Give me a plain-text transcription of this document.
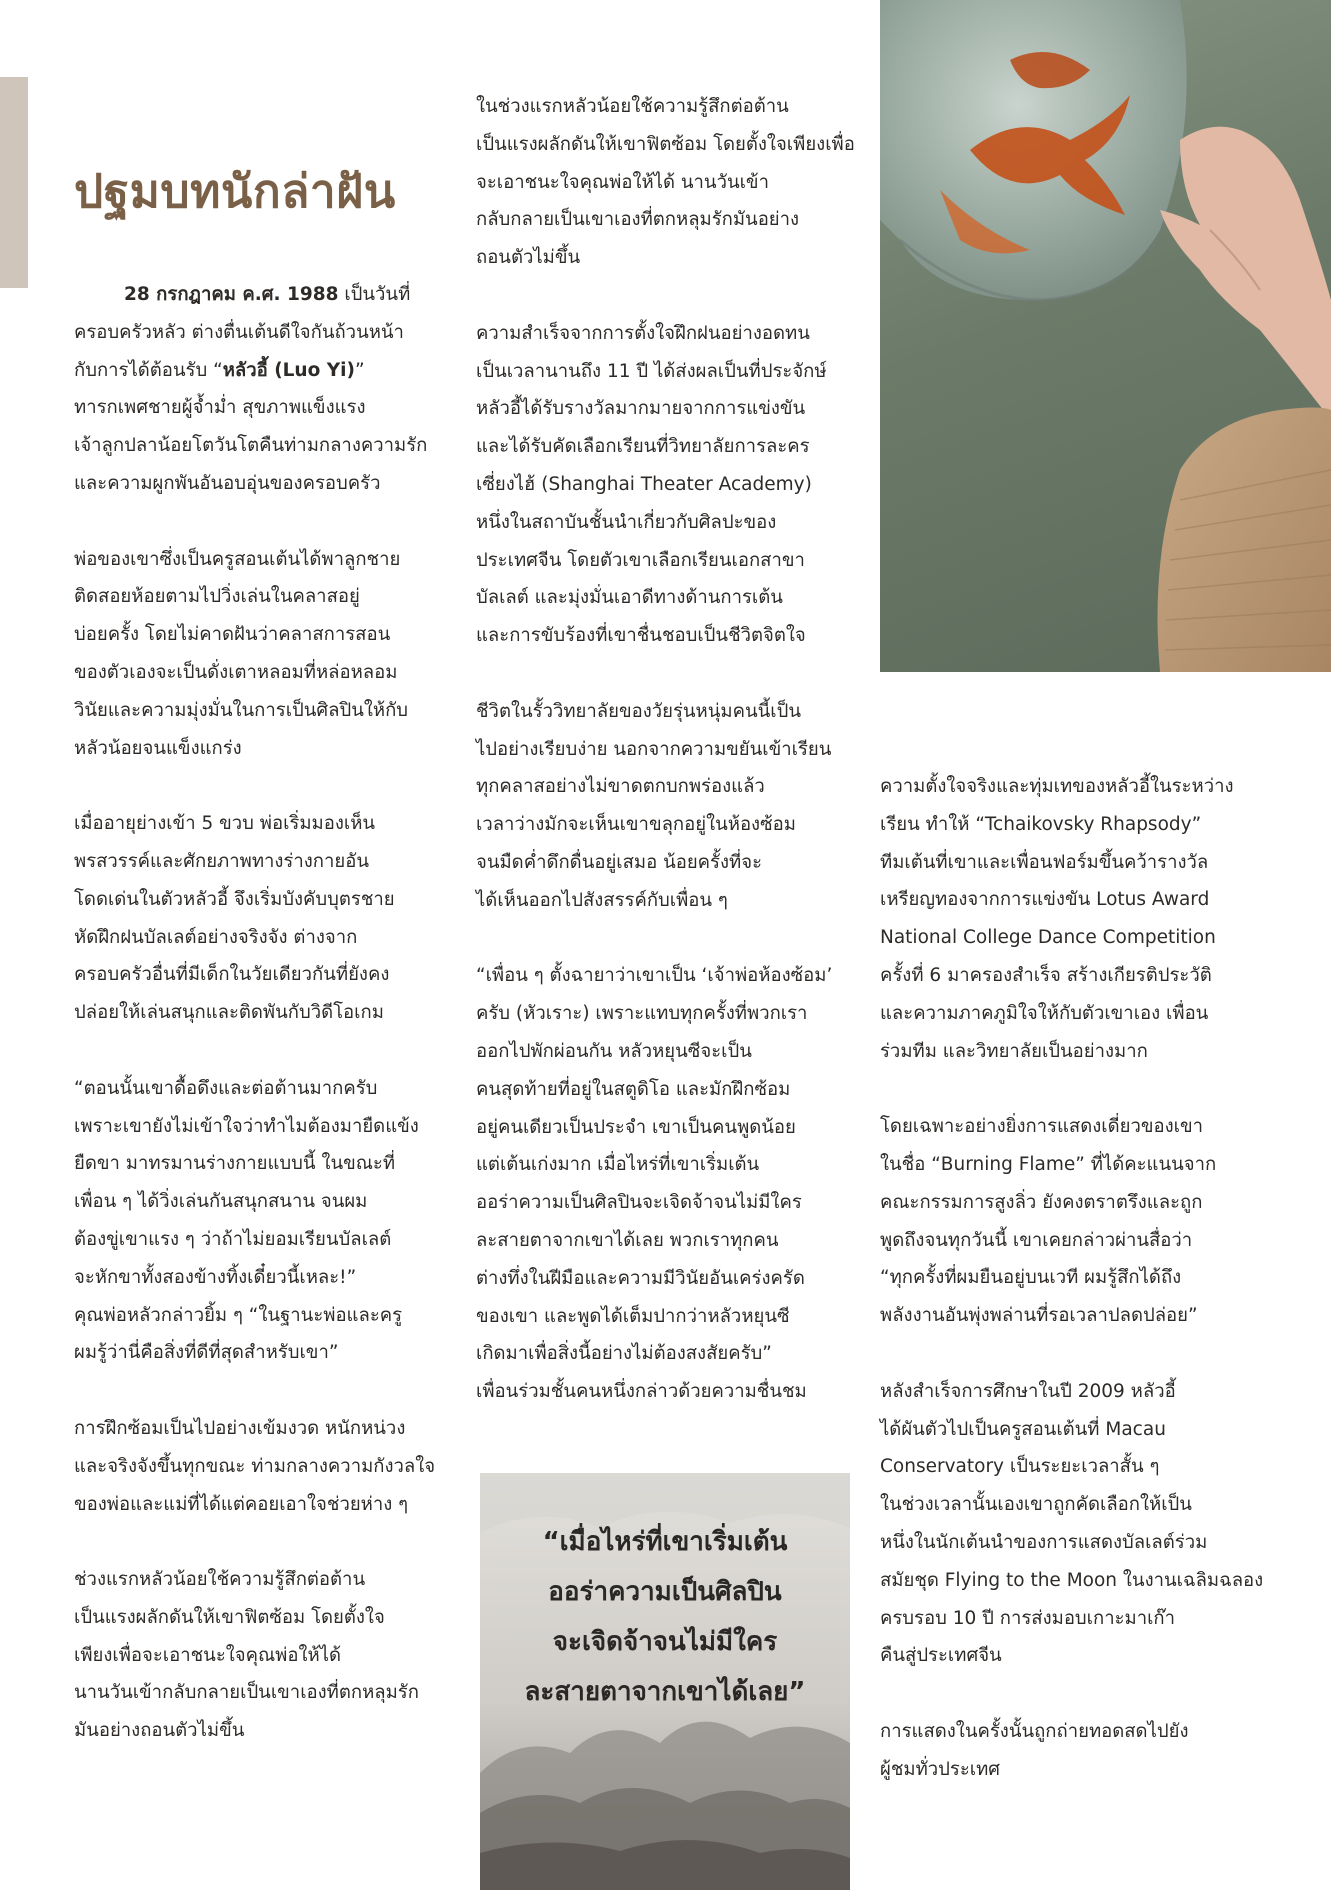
ปฐมบทนักล่าฝัน

28 กรกฎาคม ค.ศ. 1988 เป็นวันที่
ครอบครัวหลัว ต่างตื่นเต้นดีใจกันถ้วนหน้า
กับการได้ต้อนรับ “หลัวอี้ (Luo Yi)”
ทารกเพศชายผู้จ้ำม่ำ สุขภาพแข็งแรง
เจ้าลูกปลาน้อยโตวันโตคืนท่ามกลางความรัก
และความผูกพันอันอบอุ่นของครอบครัว

พ่อของเขาซึ่งเป็นครูสอนเต้นได้พาลูกชาย
ติดสอยห้อยตามไปวิ่งเล่นในคลาสอยู่
บ่อยครั้ง โดยไม่คาดฝันว่าคลาสการสอน
ของตัวเองจะเป็นดั่งเตาหลอมที่หล่อหลอม
วินัยและความมุ่งมั่นในการเป็นศิลปินให้กับ
หลัวน้อยจนแข็งแกร่ง

เมื่ออายุย่างเข้า 5 ขวบ พ่อเริ่มมองเห็น
พรสวรรค์และศักยภาพทางร่างกายอัน
โดดเด่นในตัวหลัวอี้ จึงเริ่มบังคับบุตรชาย
หัดฝึกฝนบัลเลต์อย่างจริงจัง ต่างจาก
ครอบครัวอื่นที่มีเด็กในวัยเดียวกันที่ยังคง
ปล่อยให้เล่นสนุกและติดพันกับวิดีโอเกม

“ตอนนั้นเขาดื้อดึงและต่อต้านมากครับ
เพราะเขายังไม่เข้าใจว่าทำไมต้องมายืดแข้ง
ยืดขา มาทรมานร่างกายแบบนี้ ในขณะที่
เพื่อน ๆ ได้วิ่งเล่นกันสนุกสนาน จนผม
ต้องขู่เขาแรง ๆ ว่าถ้าไม่ยอมเรียนบัลเลต์
จะหักขาทั้งสองข้างทิ้งเดี๋ยวนี้เหละ!”
คุณพ่อหลัวกล่าวยิ้ม ๆ “ในฐานะพ่อและครู
ผมรู้ว่านี่คือสิ่งที่ดีที่สุดสำหรับเขา”

การฝึกซ้อมเป็นไปอย่างเข้มงวด หนักหน่วง
และจริงจังขึ้นทุกขณะ ท่ามกลางความกังวลใจ
ของพ่อและแม่ที่ได้แต่คอยเอาใจช่วยห่าง ๆ

ช่วงแรกหลัวน้อยใช้ความรู้สึกต่อต้าน
เป็นแรงผลักดันให้เขาฟิตซ้อม โดยตั้งใจ
เพียงเพื่อจะเอาชนะใจคุณพ่อให้ได้
นานวันเข้ากลับกลายเป็นเขาเองที่ตกหลุมรัก
มันอย่างถอนตัวไม่ขึ้น

ในช่วงแรกหลัวน้อยใช้ความรู้สึกต่อต้าน
เป็นแรงผลักดันให้เขาฟิตซ้อม โดยตั้งใจเพียงเพื่อ
จะเอาชนะใจคุณพ่อให้ได้ นานวันเข้า
กลับกลายเป็นเขาเองที่ตกหลุมรักมันอย่าง
ถอนตัวไม่ขึ้น

ความสำเร็จจากการตั้งใจฝึกฝนอย่างอดทน
เป็นเวลานานถึง 11 ปี ได้ส่งผลเป็นที่ประจักษ์
หลัวอี้ได้รับรางวัลมากมายจากการแข่งขัน
และได้รับคัดเลือกเรียนที่วิทยาลัยการละคร
เซี่ยงไฮ้ (Shanghai Theater Academy)
หนึ่งในสถาบันชั้นนำเกี่ยวกับศิลปะของ
ประเทศจีน โดยตัวเขาเลือกเรียนเอกสาขา
บัลเลต์ และมุ่งมั่นเอาดีทางด้านการเต้น
และการขับร้องที่เขาชื่นชอบเป็นชีวิตจิตใจ

ชีวิตในรั้ววิทยาลัยของวัยรุ่นหนุ่มคนนี้เป็น
ไปอย่างเรียบง่าย นอกจากความขยันเข้าเรียน
ทุกคลาสอย่างไม่ขาดตกบกพร่องแล้ว
เวลาว่างมักจะเห็นเขาขลุกอยู่ในห้องซ้อม
จนมืดค่ำดึกดื่นอยู่เสมอ น้อยครั้งที่จะ
ได้เห็นออกไปสังสรรค์กับเพื่อน ๆ

“เพื่อน ๆ ตั้งฉายาว่าเขาเป็น ‘เจ้าพ่อห้องซ้อม’
ครับ (หัวเราะ) เพราะแทบทุกครั้งที่พวกเรา
ออกไปพักผ่อนกัน หลัวหยุนซีจะเป็น
คนสุดท้ายที่อยู่ในสตูดิโอ และมักฝึกซ้อม
อยู่คนเดียวเป็นประจำ เขาเป็นคนพูดน้อย
แต่เต้นเก่งมาก เมื่อไหร่ที่เขาเริ่มเต้น
ออร่าความเป็นศิลปินจะเจิดจ้าจนไม่มีใคร
ละสายตาจากเขาได้เลย พวกเราทุกคน
ต่างทึ่งในฝีมือและความมีวินัยอันเคร่งครัด
ของเขา และพูดได้เต็มปากว่าหลัวหยุนซี
เกิดมาเพื่อสิ่งนี้อย่างไม่ต้องสงสัยครับ”
เพื่อนร่วมชั้นคนหนึ่งกล่าวด้วยความชื่นชม

“เมื่อไหร่ที่เขาเริ่มเต้น
ออร่าความเป็นศิลปิน
จะเจิดจ้าจนไม่มีใคร
ละสายตาจากเขาได้เลย”

ความตั้งใจจริงและทุ่มเทของหลัวอี้ในระหว่าง
เรียน ทำให้ “Tchaikovsky Rhapsody”
ทีมเต้นที่เขาและเพื่อนฟอร์มขึ้นคว้ารางวัล
เหรียญทองจากการแข่งขัน Lotus Award
National College Dance Competition
ครั้งที่ 6 มาครองสำเร็จ สร้างเกียรติประวัติ
และความภาคภูมิใจให้กับตัวเขาเอง เพื่อน
ร่วมทีม และวิทยาลัยเป็นอย่างมาก

โดยเฉพาะอย่างยิ่งการแสดงเดี่ยวของเขา
ในชื่อ “Burning Flame” ที่ได้คะแนนจาก
คณะกรรมการสูงลิ่ว ยังคงตราตรึงและถูก
พูดถึงจนทุกวันนี้ เขาเคยกล่าวผ่านสื่อว่า
“ทุกครั้งที่ผมยืนอยู่บนเวที ผมรู้สึกได้ถึง
พลังงานอันพุ่งพล่านที่รอเวลาปลดปล่อย”

หลังสำเร็จการศึกษาในปี 2009 หลัวอี้
ได้ผันตัวไปเป็นครูสอนเต้นที่ Macau
Conservatory เป็นระยะเวลาสั้น ๆ
ในช่วงเวลานั้นเองเขาถูกคัดเลือกให้เป็น
หนึ่งในนักเต้นนำของการแสดงบัลเลต์ร่วม
สมัยชุด Flying to the Moon ในงานเฉลิมฉลอง
ครบรอบ 10 ปี การส่งมอบเกาะมาเก๊า
คืนสู่ประเทศจีน

การแสดงในครั้งนั้นถูกถ่ายทอดสดไปยัง
ผู้ชมทั่วประเทศ
